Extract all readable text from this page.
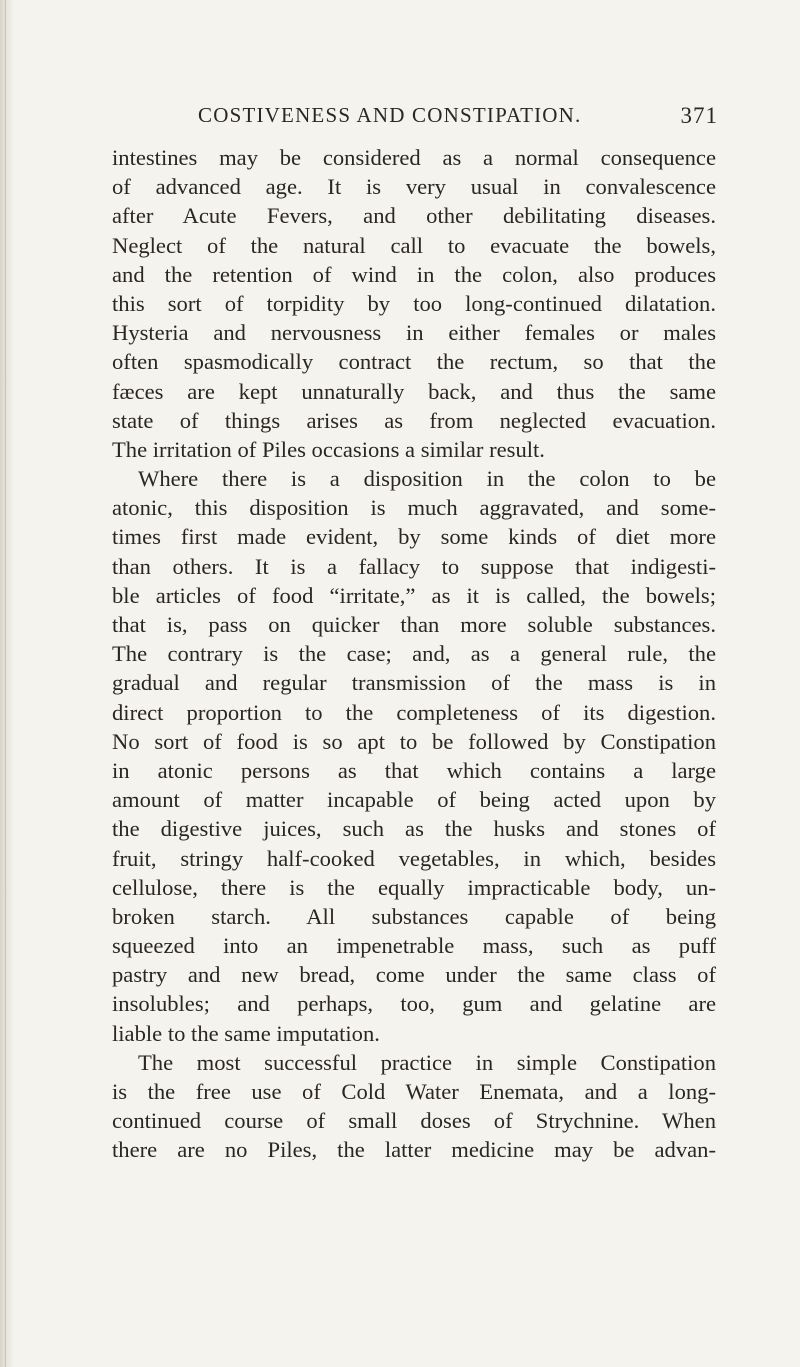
COSTIVENESS AND CONSTIPATION.	371
intestines may be considered as a normal consequence
of advanced age. It is very usual in convalescence
after Acute Fevers, and other debilitating diseases.
Neglect of the natural call to evacuate the bowels,
and the retention of wind in the colon, also produces
this sort of torpidity by too long-continued dilatation.
Hysteria and nervousness in either females or males
often spasmodically contract the rectum, so that the
fæces are kept unnaturally back, and thus the same
state of things arises as from neglected evacuation.
The irritation of Piles occasions a similar result.
Where there is a disposition in the colon to be
atonic, this disposition is much aggravated, and some-
times first made evident, by some kinds of diet more
than others. It is a fallacy to suppose that indigesti-
ble articles of food “irritate,” as it is called, the bowels;
that is, pass on quicker than more soluble substances.
The contrary is the case; and, as a general rule, the
gradual and regular transmission of the mass is in
direct proportion to the completeness of its digestion.
No sort of food is so apt to be followed by Constipation
in atonic persons as that which contains a large
amount of matter incapable of being acted upon by
the digestive juices, such as the husks and stones of
fruit, stringy half-cooked vegetables, in which, besides
cellulose, there is the equally impracticable body, un-
broken starch. All substances capable of being
squeezed into an impenetrable mass, such as puff
pastry and new bread, come under the same class of
insolubles; and perhaps, too, gum and gelatine are
liable to the same imputation.
The most successful practice in simple Constipation
is the free use of Cold Water Enemata, and a long-
continued course of small doses of Strychnine. When
there are no Piles, the latter medicine may be advan-
